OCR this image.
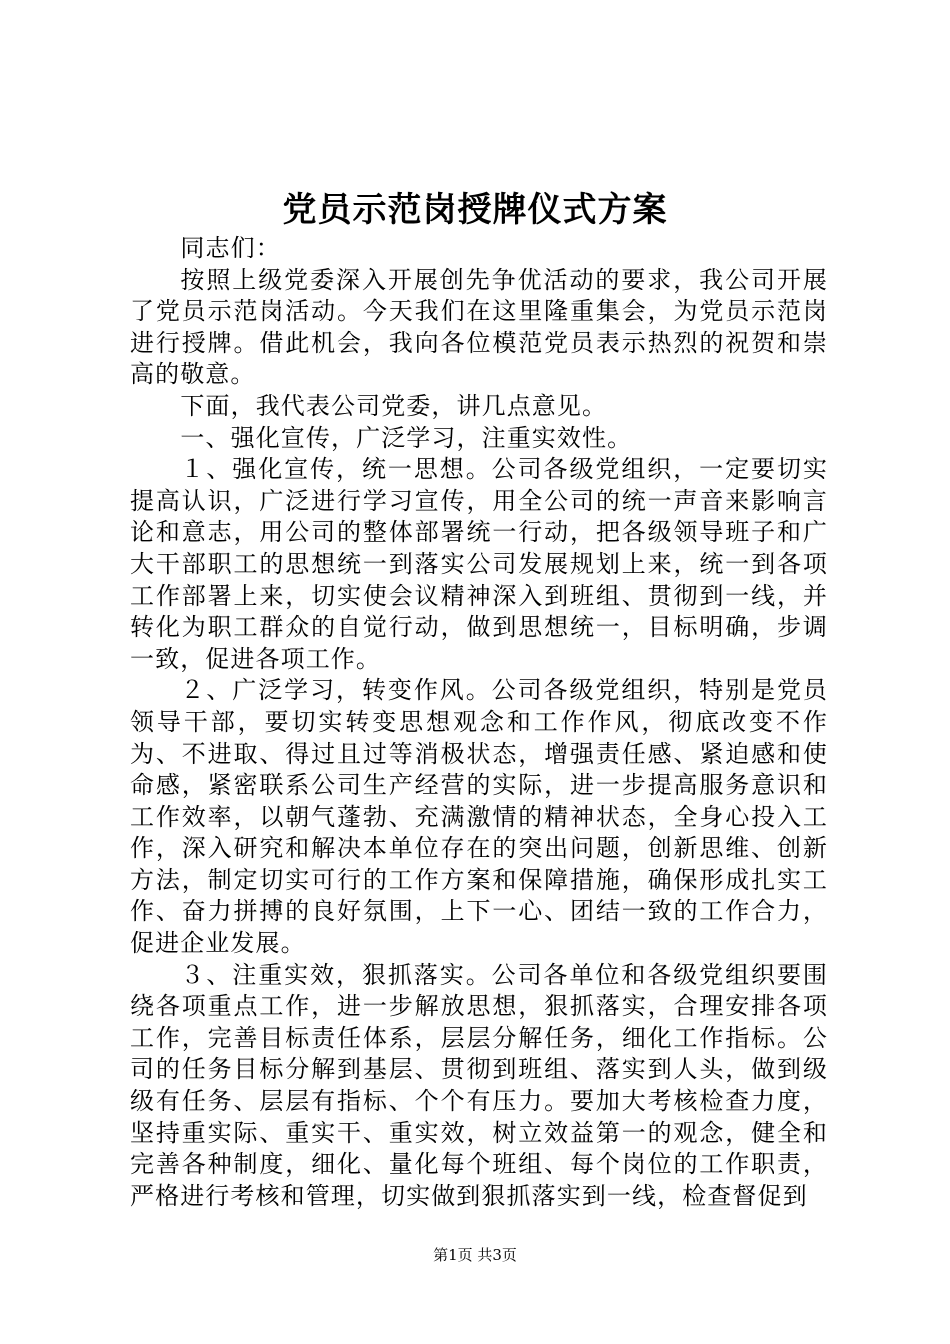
党员示范岗授牌仪式方案

同志们：

按照上级党委深入开展创先争优活动的要求，我公司开展了党员示范岗活动。今天我们在这里隆重集会，为党员示范岗进行授牌。借此机会，我向各位模范党员表示热烈的祝贺和崇高的敬意。

下面，我代表公司党委，讲几点意见。

一、强化宣传，广泛学习，注重实效性。

１、强化宣传，统一思想。公司各级党组织，一定要切实提高认识，广泛进行学习宣传，用全公司的统一声音来影响言论和意志，用公司的整体部署统一行动，把各级领导班子和广大干部职工的思想统一到落实公司发展规划上来，统一到各项工作部署上来，切实使会议精神深入到班组、贯彻到一线，并转化为职工群众的自觉行动，做到思想统一，目标明确，步调一致，促进各项工作。

２、广泛学习，转变作风。公司各级党组织，特别是党员领导干部，要切实转变思想观念和工作作风，彻底改变不作为、不进取、得过且过等消极状态，增强责任感、紧迫感和使命感，紧密联系公司生产经营的实际，进一步提高服务意识和工作效率，以朝气蓬勃、充满激情的精神状态，全身心投入工作，深入研究和解决本单位存在的突出问题，创新思维、创新方法，制定切实可行的工作方案和保障措施，确保形成扎实工作、奋力拼搏的良好氛围，上下一心、团结一致的工作合力，促进企业发展。

３、注重实效，狠抓落实。公司各单位和各级党组织要围绕各项重点工作，进一步解放思想，狠抓落实，合理安排各项工作，完善目标责任体系，层层分解任务，细化工作指标。公司的任务目标分解到基层、贯彻到班组、落实到人头，做到级级有任务、层层有指标、个个有压力。要加大考核检查力度，坚持重实际、重实干、重实效，树立效益第一的观念，健全和完善各种制度，细化、量化每个班组、每个岗位的工作职责，严格进行考核和管理，切实做到狠抓落实到一线，检查督促到

第1页 共3页
